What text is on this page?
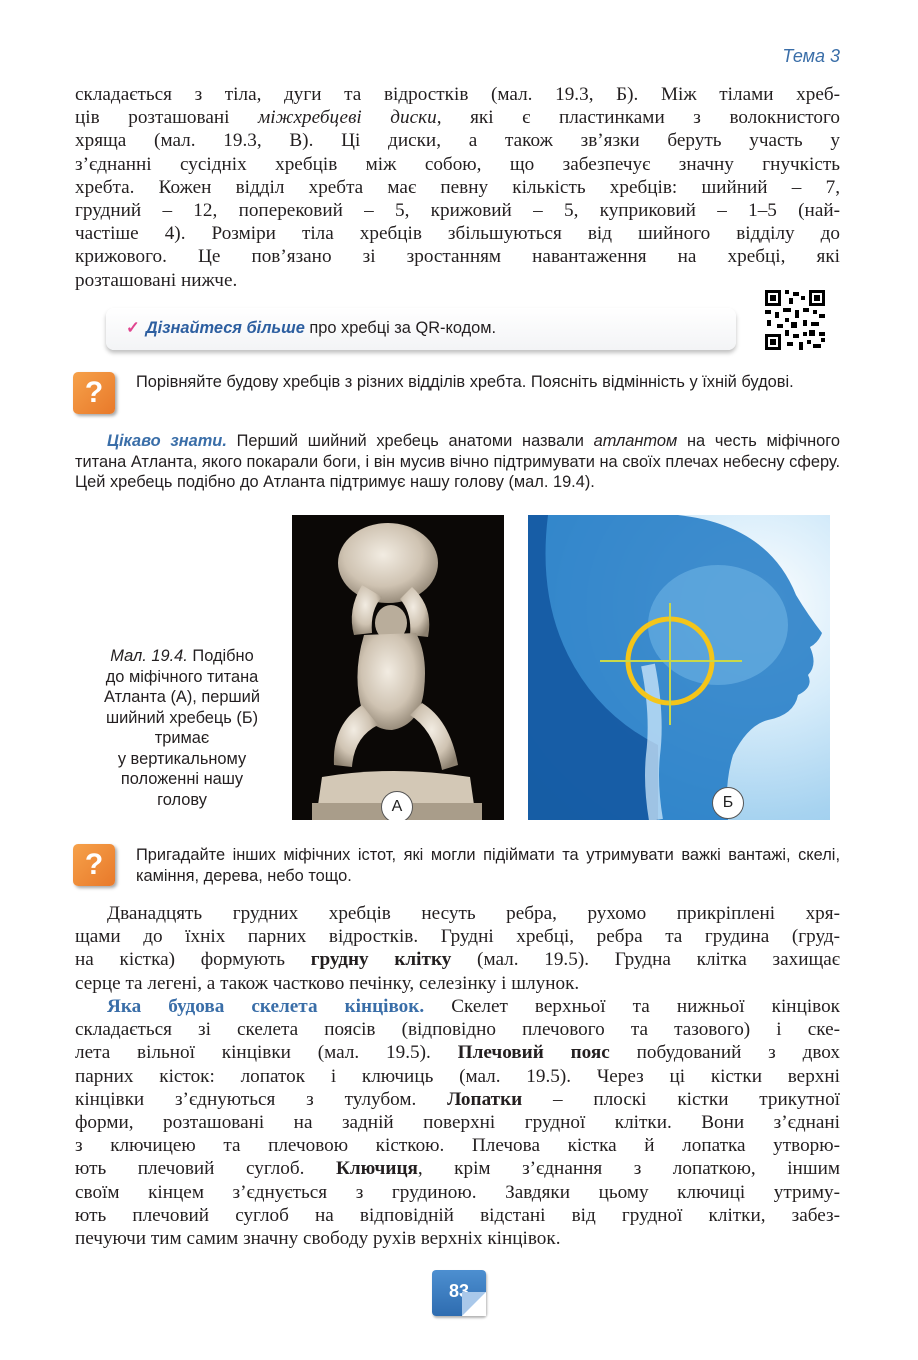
Тема 3
складається з тіла, дуги та відростків (мал. 19.3, Б). Між тілами хреб-
ців розташовані міжхребцеві диски, які є пластинками з волокнистого
хряща (мал. 19.3, В). Ці диски, а також зв’язки беруть участь у
з’єднанні сусідніх хребців між собою, що забезпечує значну гнучкість
хребта. Кожен відділ хребта має певну кількість хребців: шийний – 7,
грудний – 12, поперековий – 5, крижовий – 5, куприковий – 1–5 (най-
частіше 4). Розміри тіла хребців збільшуються від шийного відділу до
крижового. Це пов’язано зі зростанням навантаження на хребці, які
розташовані нижче.
✓ Дізнайтеся більше про хребці за QR-кодом.
?	Порівняйте будову хребців з різних відділів хребта. Поясніть відмінність у їхній будові.
Цікаво знати. Перший шийний хребець анатоми назвали атлантом на честь міфічного титана Атланта, якого покарали боги, і він мусив вічно підтримувати на своїх плечах небесну сферу. Цей хребець подібно до Атланта підтримує нашу голову (мал. 19.4).
Мал. 19.4. Подібно
до міфічного титана
Атланта (А), перший
шийний хребець (Б)
тримає
у вертикальному
положенні нашу
голову	А	Б
?	Пригадайте інших міфічних істот, які могли підіймати та утримувати важкі вантажі, скелі, каміння, дерева, небо тощо.
Дванадцять грудних хребців несуть ребра, рухомо прикріплені хря-
щами до їхніх парних відростків. Грудні хребці, ребра та грудина (груд-
на кістка) формують грудну клітку (мал. 19.5). Грудна клітка захищає
серце та легені, а також частково печінку, селезінку і шлунок.
Яка будова скелета кінцівок. Скелет верхньої та нижньої кінцівок
складається зі скелета поясів (відповідно плечового та тазового) і ске-
лета вільної кінцівки (мал. 19.5). Плечовий пояс побудований з двох
парних кісток: лопаток і ключиць (мал. 19.5). Через ці кістки верхні
кінцівки з’єднуються з тулубом. Лопатки – плоскі кістки трикутної
форми, розташовані на задній поверхні грудної клітки. Вони з’єднані
з ключицею та плечовою кісткою. Плечова кістка й лопатка утворю-
ють плечовий суглоб. Ключиця, крім з’єднання з лопаткою, іншим
своїм кінцем з’єднується з грудиною. Завдяки цьому ключиці утриму-
ють плечовий суглоб на відповідній відстані від грудної клітки, забез-
печуючи тим самим значну свободу рухів верхніх кінцівок.
83
